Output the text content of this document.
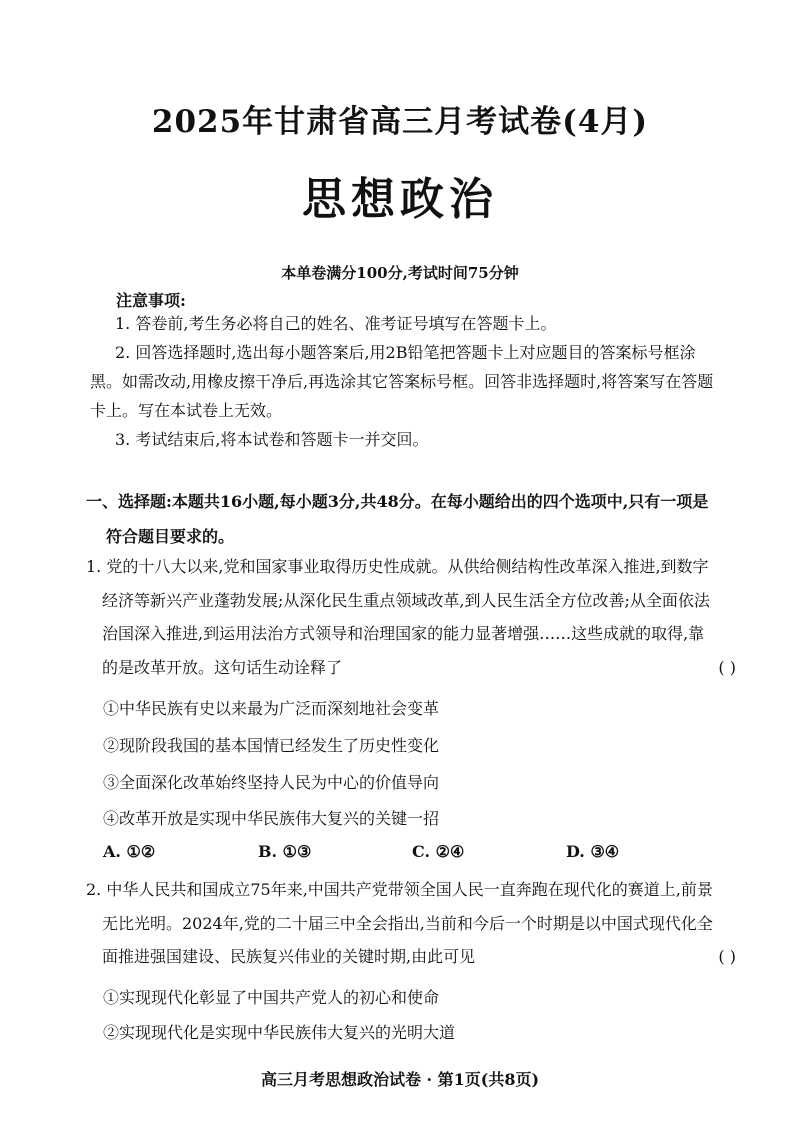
2025年甘肃省高三月考试卷(4月)
思想政治
本单卷满分100分,考试时间75分钟
注意事项:
1. 答卷前,考生务必将自己的姓名、准考证号填写在答题卡上。
2. 回答选择题时,选出每小题答案后,用2B铅笔把答题卡上对应题目的答案标号框涂
黑。如需改动,用橡皮擦干净后,再选涂其它答案标号框。回答非选择题时,将答案写在答题
卡上。写在本试卷上无效。
3. 考试结束后,将本试卷和答题卡一并交回。
一、选择题:本题共16小题,每小题3分,共48分。在每小题给出的四个选项中,只有一项是
符合题目要求的。
1. 党的十八大以来,党和国家事业取得历史性成就。从供给侧结构性改革深入推进,到数字
经济等新兴产业蓬勃发展;从深化民生重点领域改革,到人民生活全方位改善;从全面依法
治国深入推进,到运用法治方式领导和治理国家的能力显著增强……这些成就的取得,靠
的是改革开放。这句话生动诠释了	( )
①中华民族有史以来最为广泛而深刻地社会变革
②现阶段我国的基本国情已经发生了历史性变化
③全面深化改革始终坚持人民为中心的价值导向
④改革开放是实现中华民族伟大复兴的关键一招
A. ①②	B. ①③	C. ②④	D. ③④
2. 中华人民共和国成立75年来,中国共产党带领全国人民一直奔跑在现代化的赛道上,前景
无比光明。2024年,党的二十届三中全会指出,当前和今后一个时期是以中国式现代化全
面推进强国建设、民族复兴伟业的关键时期,由此可见	( )
①实现现代化彰显了中国共产党人的初心和使命
②实现现代化是实现中华民族伟大复兴的光明大道
高三月考思想政治试卷 · 第1页(共8页)
